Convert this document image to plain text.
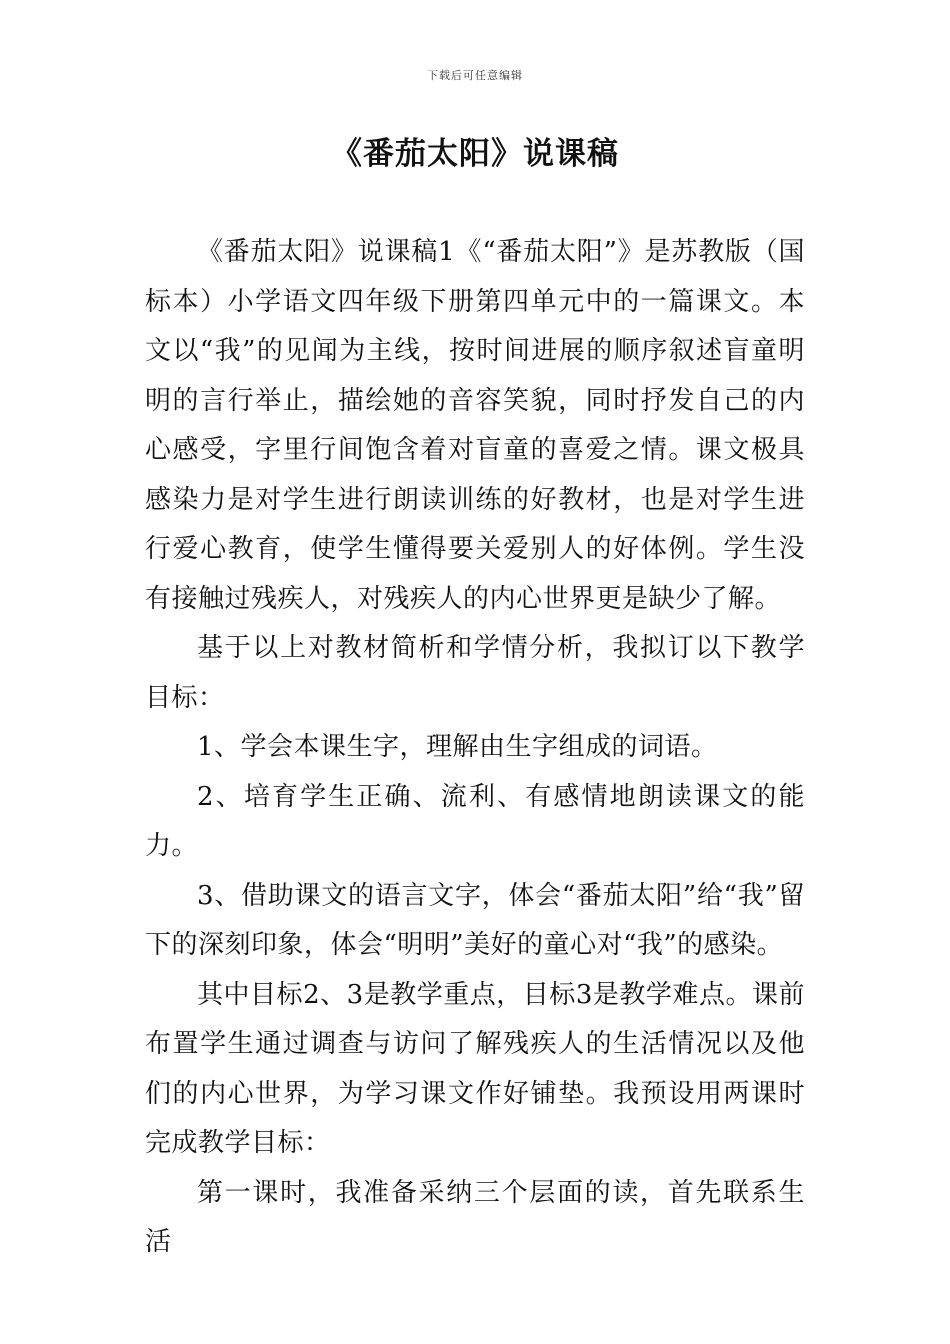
下载后可任意编辑
《番茄太阳》说课稿

《番茄太阳》说课稿1《“番茄太阳”》是苏教版（国标本）小学语文四年级下册第四单元中的一篇课文。本文以“我”的见闻为主线，按时间进展的顺序叙述盲童明明的言行举止，描绘她的音容笑貌，同时抒发自己的内心感受，字里行间饱含着对盲童的喜爱之情。课文极具感染力是对学生进行朗读训练的好教材，也是对学生进行爱心教育，使学生懂得要关爱别人的好体例。学生没有接触过残疾人，对残疾人的内心世界更是缺少了解。

基于以上对教材简析和学情分析，我拟订以下教学目标：

1、学会本课生字，理解由生字组成的词语。

2、培育学生正确、流利、有感情地朗读课文的能力。

3、借助课文的语言文字，体会“番茄太阳”给“我”留下的深刻印象，体会“明明”美好的童心对“我”的感染。

其中目标2、3是教学重点，目标3是教学难点。课前布置学生通过调查与访问了解残疾人的生活情况以及他们的内心世界，为学习课文作好铺垫。我预设用两课时完成教学目标：

第一课时，我准备采纳三个层面的读，首先联系生活
